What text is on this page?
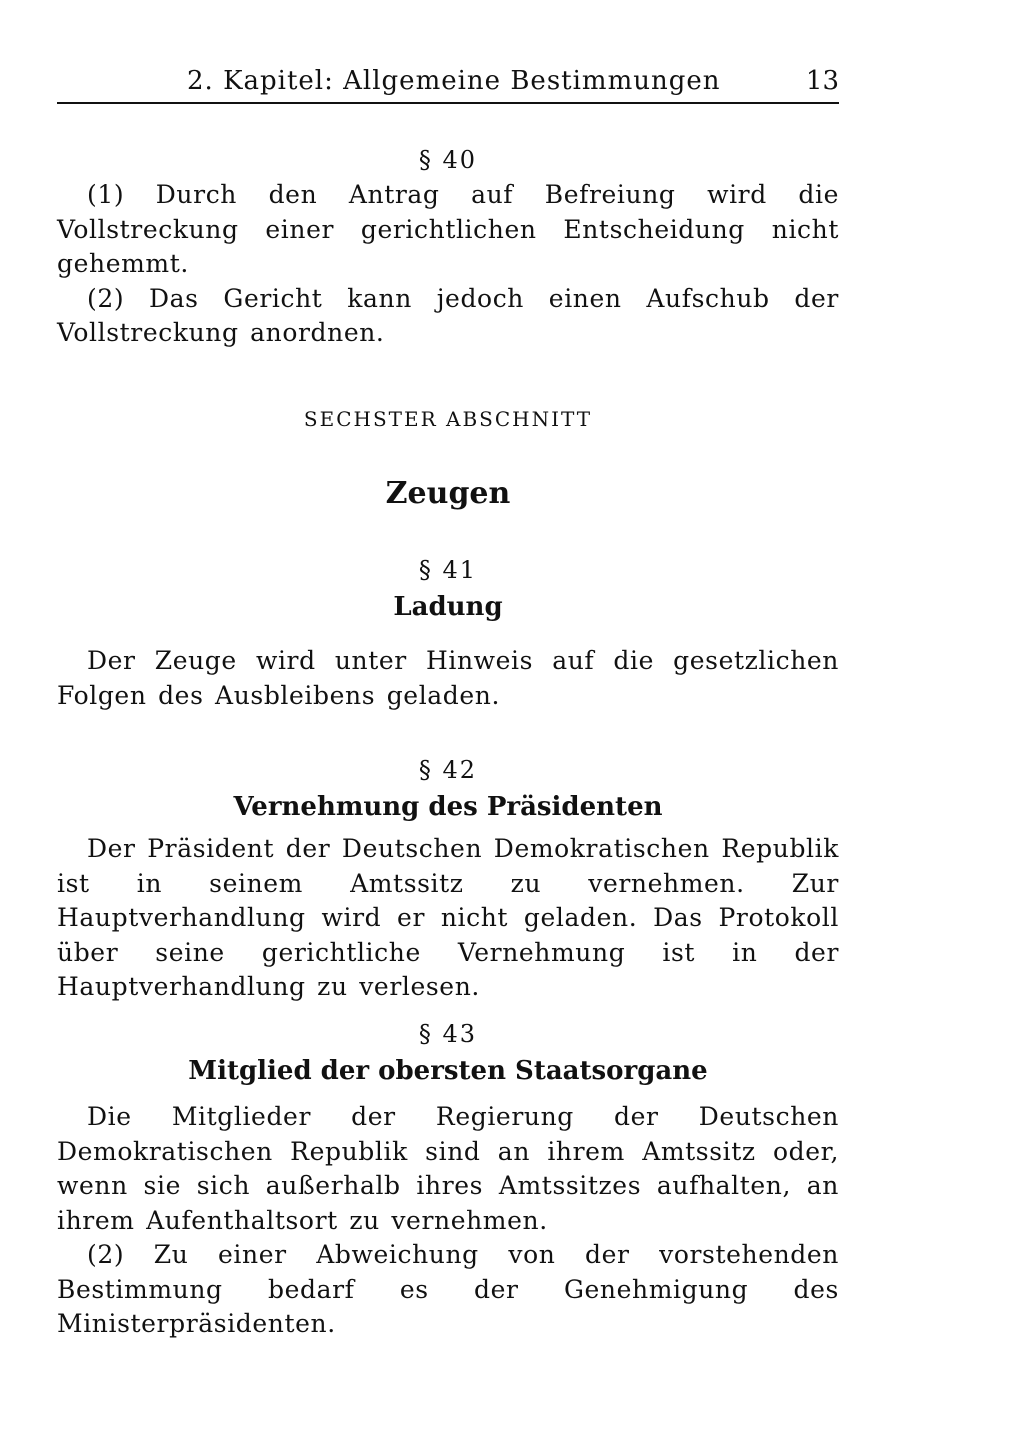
2. Kapitel: Allgemeine Bestimmungen	13

§ 40

(1) Durch den Antrag auf Befreiung wird die Vollstreckung einer gerichtlichen Entscheidung nicht gehemmt.

(2) Das Gericht kann jedoch einen Aufschub der Vollstreckung anordnen.

SECHSTER ABSCHNITT

Zeugen

§ 41

Ladung

Der Zeuge wird unter Hinweis auf die gesetzlichen Folgen des Ausbleibens geladen.

§ 42

Vernehmung des Präsidenten

Der Präsident der Deutschen Demokratischen Republik ist in seinem Amtssitz zu vernehmen. Zur Hauptverhandlung wird er nicht geladen. Das Protokoll über seine gerichtliche Vernehmung ist in der Hauptverhandlung zu verlesen.

§ 43

Mitglied der obersten Staatsorgane

Die Mitglieder der Regierung der Deutschen Demokratischen Republik sind an ihrem Amtssitz oder, wenn sie sich außerhalb ihres Amtssitzes aufhalten, an ihrem Aufenthaltsort zu vernehmen.

(2) Zu einer Abweichung von der vorstehenden Bestimmung bedarf es der Genehmigung des Ministerpräsidenten.
